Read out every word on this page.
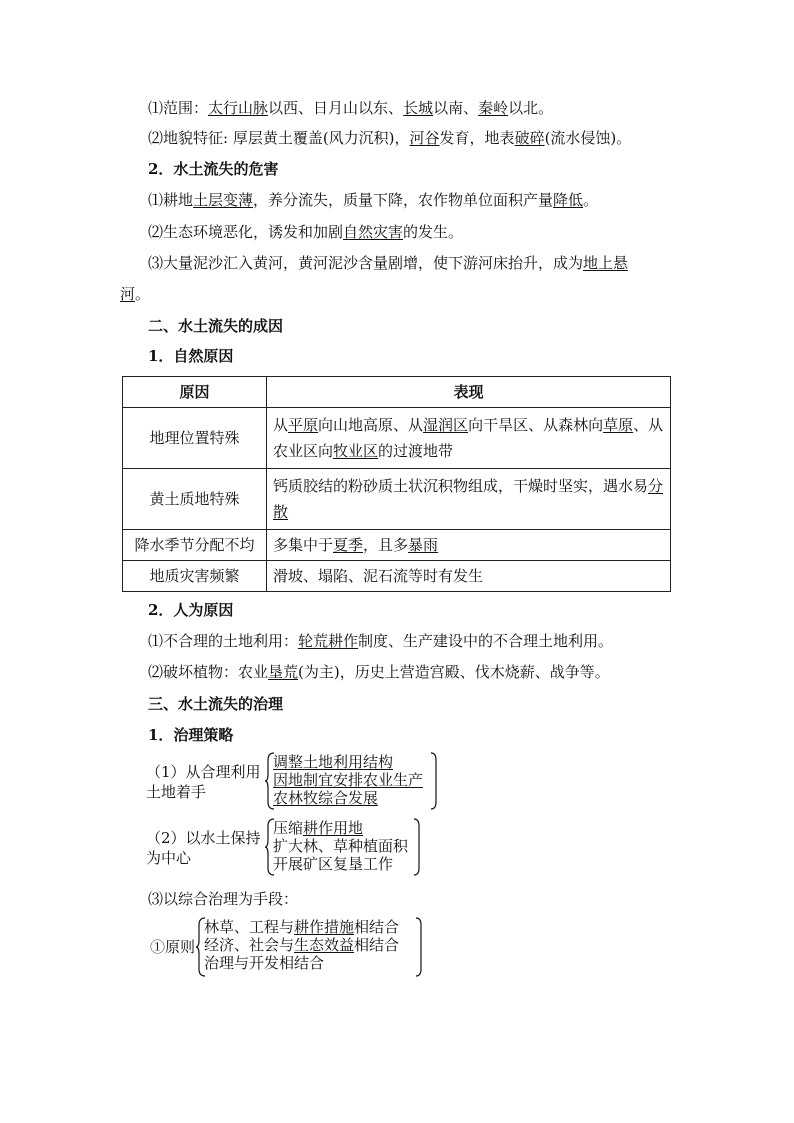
⑴范围：太行山脉以西、日月山以东、长城以南、秦岭以北。
⑵地貌特征: 厚层黄土覆盖(风力沉积)，河谷发育，地表破碎(流水侵蚀)。
2．水土流失的危害
⑴耕地土层变薄，养分流失，质量下降，农作物单位面积产量降低。
⑵生态环境恶化，诱发和加剧自然灾害的发生。
⑶大量泥沙汇入黄河，黄河泥沙含量剧增，使下游河床抬升，成为地上悬
河。
二、水土流失的成因
1．自然原因
原因	表现
地理位置特殊	从平原向山地高原、从湿润区向干旱区、从森林向草原、从农业区向牧业区的过渡地带
黄土质地特殊	钙质胶结的粉砂质土状沉积物组成，干燥时坚实，遇水易分散
降水季节分配不均	多集中于夏季，且多暴雨
地质灾害频繁	滑坡、塌陷、泥石流等时有发生
2．人为原因
⑴不合理的土地利用：轮荒耕作制度、生产建设中的不合理土地利用。
⑵破坏植物：农业垦荒(为主)，历史上营造宫殿、伐木烧薪、战争等。
三、水土流失的治理
1．治理策略
（1）从合理利用
土地着手
调整土地利用结构
因地制宜安排农业生产
农林牧综合发展
（2）以水土保持
为中心
压缩耕作用地
扩大林、草种植面积
开展矿区复垦工作
⑶以综合治理为手段：
①原则
林草、工程与耕作措施相结合
经济、社会与生态效益相结合
治理与开发相结合
